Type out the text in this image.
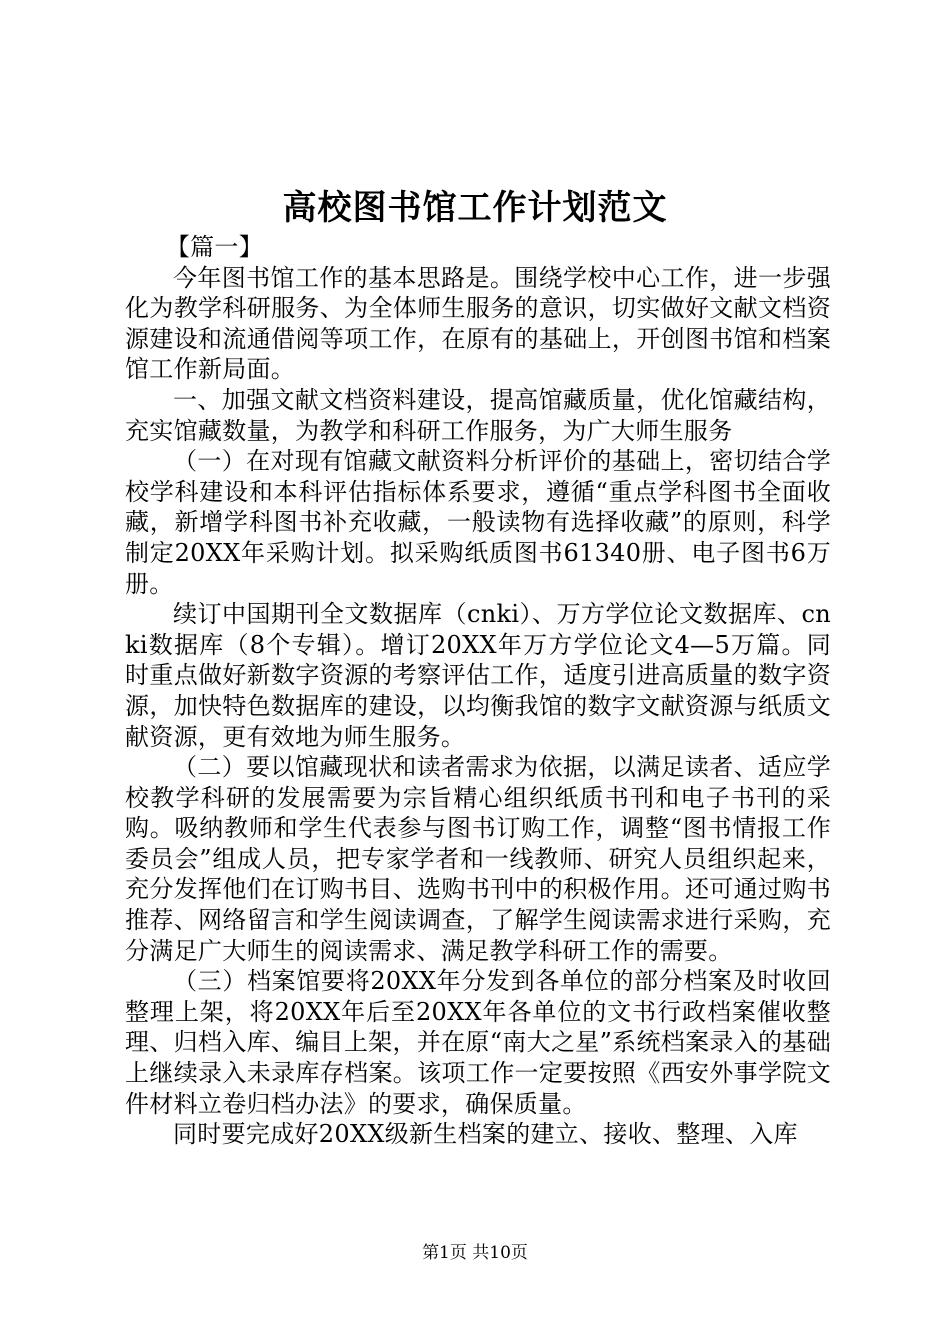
高校图书馆工作计划范文

【篇一】

今年图书馆工作的基本思路是。围绕学校中心工作，进一步强化为教学科研服务、为全体师生服务的意识，切实做好文献文档资源建设和流通借阅等项工作，在原有的基础上，开创图书馆和档案馆工作新局面。

一、加强文献文档资料建设，提高馆藏质量，优化馆藏结构，充实馆藏数量，为教学和科研工作服务，为广大师生服务

（一）在对现有馆藏文献资料分析评价的基础上，密切结合学校学科建设和本科评估指标体系要求，遵循“重点学科图书全面收藏，新增学科图书补充收藏，一般读物有选择收藏”的原则，科学制定20XX年采购计划。拟采购纸质图书61340册、电子图书6万册。

续订中国期刊全文数据库（cnki）、万方学位论文数据库、cnki数据库（8个专辑）。增订20XX年万方学位论文4—5万篇。同时重点做好新数字资源的考察评估工作，适度引进高质量的数字资源，加快特色数据库的建设，以均衡我馆的数字文献资源与纸质文献资源，更有效地为师生服务。

（二）要以馆藏现状和读者需求为依据，以满足读者、适应学校教学科研的发展需要为宗旨精心组织纸质书刊和电子书刊的采购。吸纳教师和学生代表参与图书订购工作，调整“图书情报工作委员会”组成人员，把专家学者和一线教师、研究人员组织起来，充分发挥他们在订购书目、选购书刊中的积极作用。还可通过购书推荐、网络留言和学生阅读调查，了解学生阅读需求进行采购，充分满足广大师生的阅读需求、满足教学科研工作的需要。

（三）档案馆要将20XX年分发到各单位的部分档案及时收回整理上架，将20XX年后至20XX年各单位的文书行政档案催收整理、归档入库、编目上架，并在原“南大之星”系统档案录入的基础上继续录入未录库存档案。该项工作一定要按照《西安外事学院文件材料立卷归档办法》的要求，确保质量。

同时要完成好20XX级新生档案的建立、接收、整理、入库

第1页 共10页
